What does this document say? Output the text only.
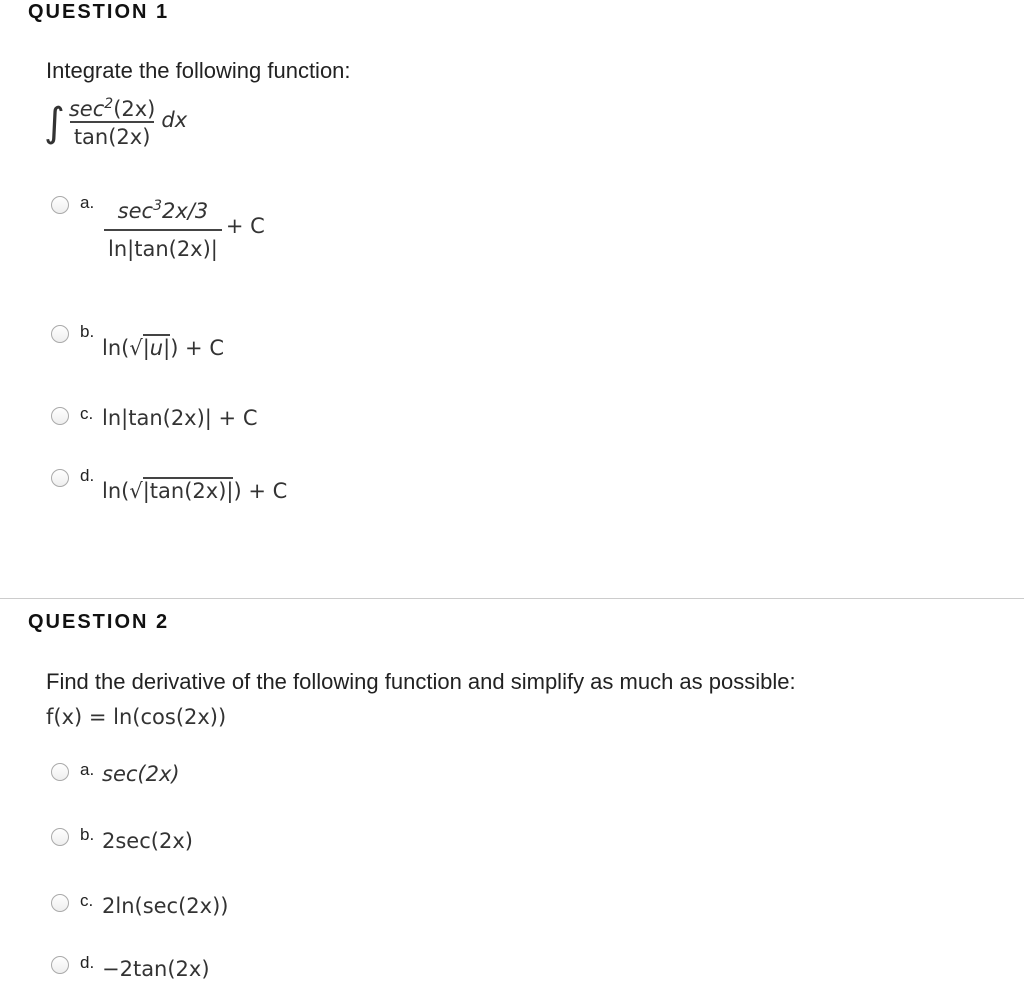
QUESTION 1
Integrate the following function:
∫ $\frac{\sec^2(2x)}{\tan(2x)}$ dx
a. $\frac{\sec^32x/3}{\ln|\tan(2x)|} + C$
b.
ln(√|u|) + C
c. ln|tan(2x)| + C
d.
ln(√|tan(2x)|) + C
QUESTION 2
Find the derivative of the following function and simplify as much as possible:
f(x) = ln(cos(2x))
a. sec(2x)
b. 2sec(2x)
c. 2ln(sec(2x))
d. −2tan(2x)
